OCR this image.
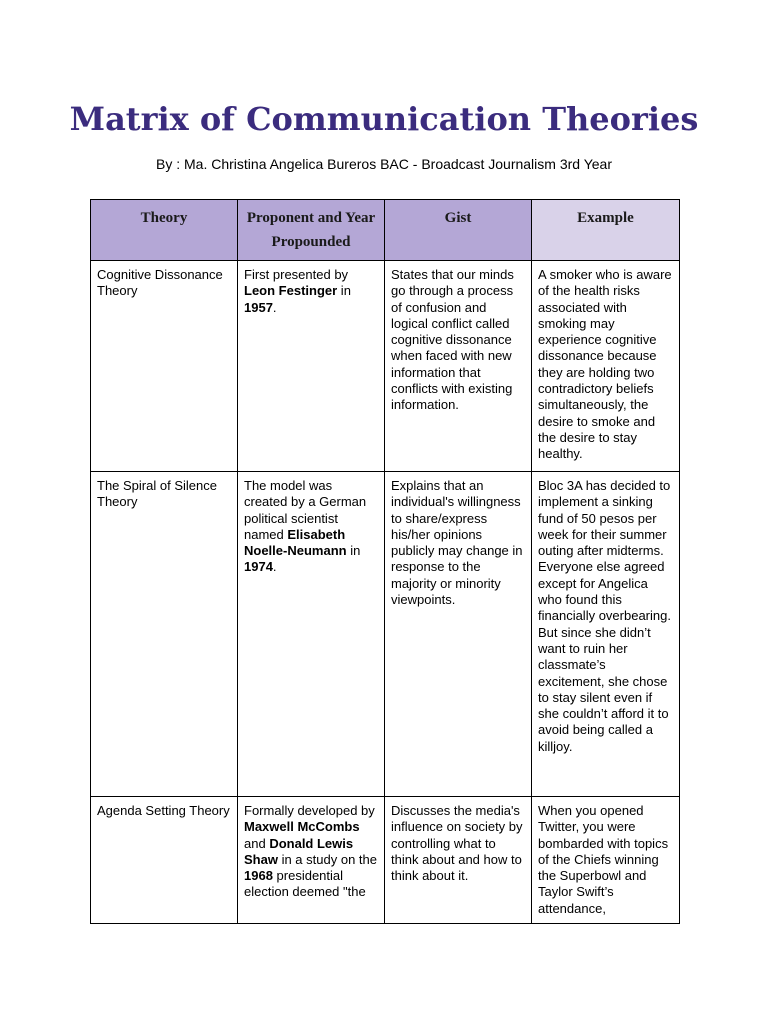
Matrix of Communication Theories
By : Ma. Christina Angelica Bureros BAC - Broadcast Journalism 3rd Year
Theory	Proponent and Year Propounded	Gist	Example
Cognitive Dissonance Theory	First presented by Leon Festinger in 1957.	States that our minds go through a process of confusion and logical conflict called cognitive dissonance when faced with new information that conflicts with existing information.	A smoker who is aware of the health risks associated with smoking may experience cognitive dissonance because they are holding two contradictory beliefs simultaneously, the desire to smoke and the desire to stay healthy.
The Spiral of Silence Theory	The model was created by a German political scientist named Elisabeth Noelle-Neumann in 1974.	Explains that an individual's willingness to share/express his/her opinions publicly may change in response to the majority or minority viewpoints.	Bloc 3A has decided to implement a sinking fund of 50 pesos per week for their summer outing after midterms. Everyone else agreed except for Angelica who found this financially overbearing. But since she didn’t want to ruin her classmate’s excitement, she chose to stay silent even if she couldn’t afford it to avoid being called a killjoy.
Agenda Setting Theory	Formally developed by Maxwell McCombs and Donald Lewis Shaw in a study on the 1968 presidential election deemed "the	Discusses the media's influence on society by controlling what to think about and how to think about it.	When you opened Twitter, you were bombarded with topics of the Chiefs winning the Superbowl and Taylor Swift’s attendance,
